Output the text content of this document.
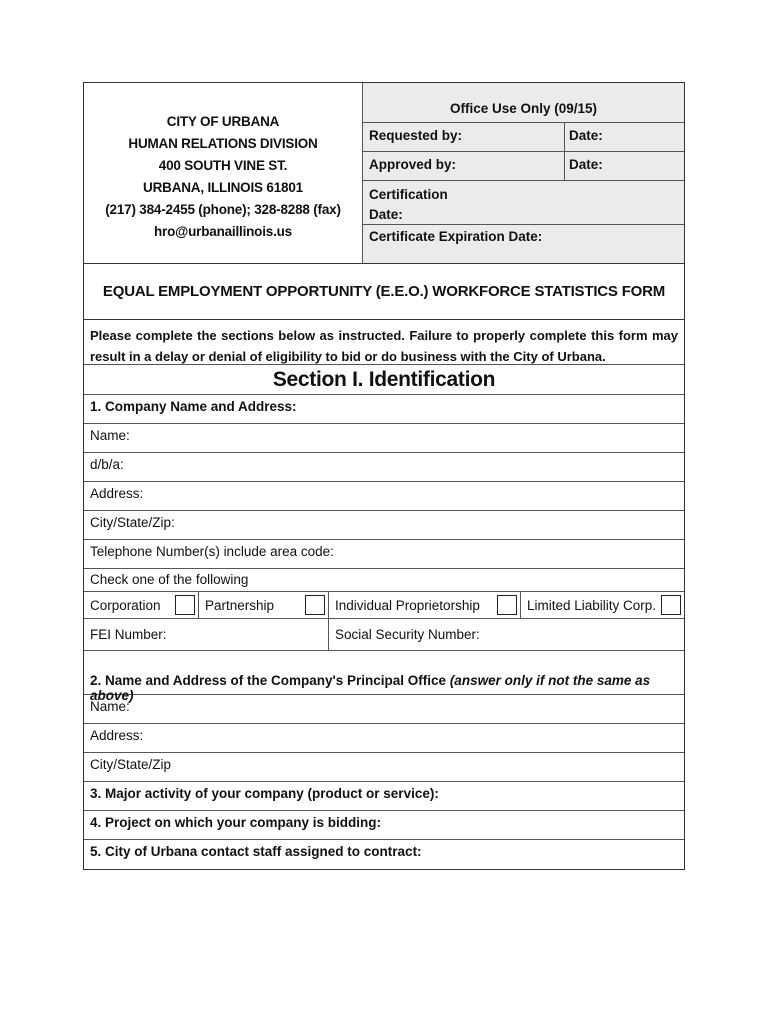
CITY OF URBANA
HUMAN RELATIONS DIVISION
400 SOUTH VINE ST.
URBANA, ILLINOIS 61801
(217) 384-2455 (phone); 328-8288 (fax)
hro@urbanaillinois.us
Office Use Only (09/15)
Requested by:	Date:
Approved by:	Date:
Certification
Date:
Certificate Expiration Date:
EQUAL EMPLOYMENT OPPORTUNITY (E.E.O.) WORKFORCE STATISTICS FORM
Please complete the sections below as instructed. Failure to properly complete this form may result in a delay or denial of eligibility to bid or do business with the City of Urbana.
Section I. Identification
1. Company Name and Address:
Name:
d/b/a:
Address:
City/State/Zip:
Telephone Number(s) include area code:
Check one of the following
Corporation	Partnership	Individual Proprietorship	Limited Liability Corp.
FEI Number:	Social Security Number:
2. Name and Address of the Company's Principal Office (answer only if not the same as above)
Name:
Address:
City/State/Zip
3. Major activity of your company (product or service):
4. Project on which your company is bidding:
5. City of Urbana contact staff assigned to contract:
